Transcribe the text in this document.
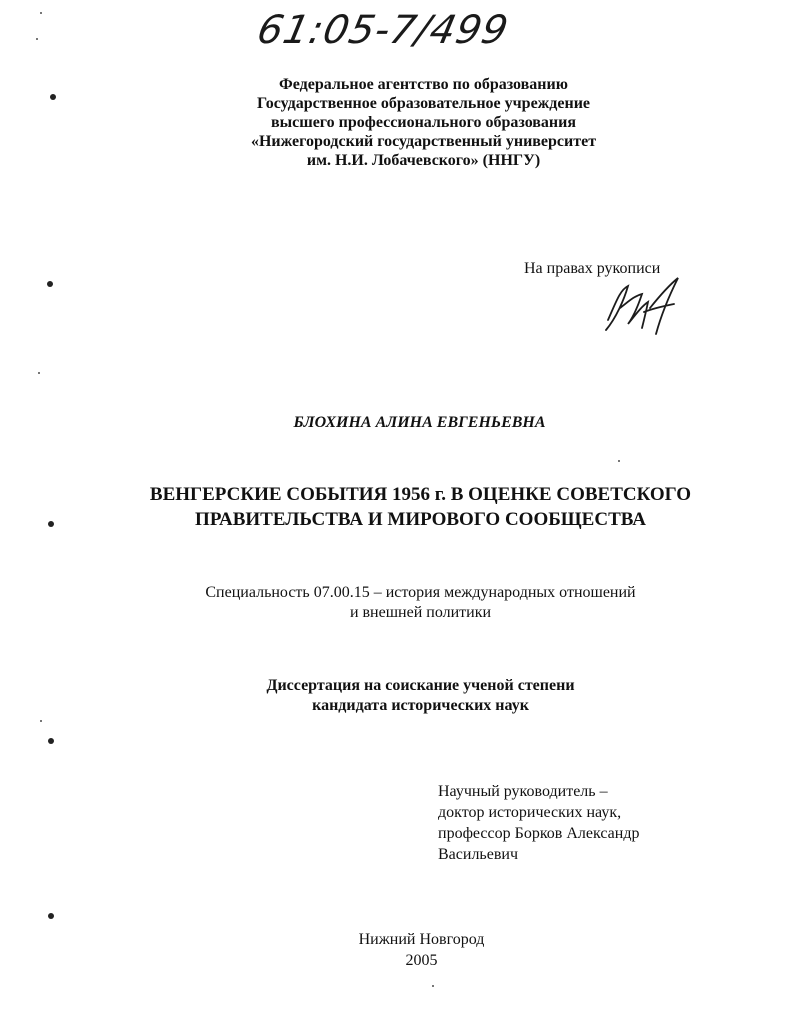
61:05-7/499
Федеральное агентство по образованию
Государственное образовательное учреждение
высшего профессионального образования
«Нижегородский государственный университет
им. Н.И. Лобачевского» (ННГУ)
На правах рукописи
БЛОХИНА АЛИНА ЕВГЕНЬЕВНА
ВЕНГЕРСКИЕ СОБЫТИЯ 1956 г. В ОЦЕНКЕ СОВЕТСКОГО
ПРАВИТЕЛЬСТВА И МИРОВОГО СООБЩЕСТВА
Специальность 07.00.15 – история международных отношений
и внешней политики
Диссертация на соискание ученой степени
кандидата исторических наук
Научный руководитель –
доктор исторических наук,
профессор Борков Александр
Васильевич
Нижний Новгород
2005
